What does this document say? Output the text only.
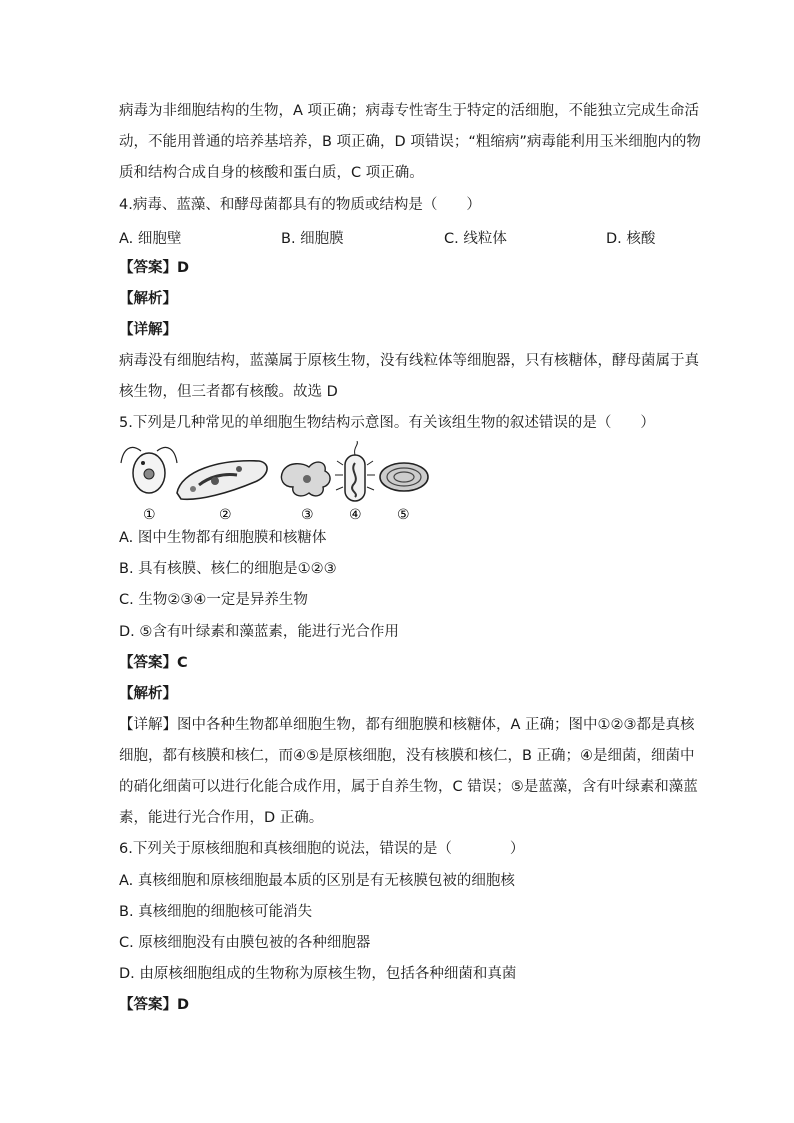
病毒为非细胞结构的生物，A 项正确；病毒专性寄生于特定的活细胞，不能独立完成生命活
动，不能用普通的培养基培养，B 项正确，D 项错误；“粗缩病”病毒能利用玉米细胞内的物
质和结构合成自身的核酸和蛋白质，C 项正确。
4.病毒、蓝藻、和酵母菌都具有的物质或结构是（　　）
A. 细胞壁	B. 细胞膜	C. 线粒体	D. 核酸
【答案】D
【解析】
【详解】
病毒没有细胞结构，蓝藻属于原核生物，没有线粒体等细胞器，只有核糖体，酵母菌属于真
核生物，但三者都有核酸。故选 D
5.下列是几种常见的单细胞生物结构示意图。有关该组生物的叙述错误的是（　　）
①	②	③	④	⑤
A. 图中生物都有细胞膜和核糖体
B. 具有核膜、核仁的细胞是①②③
C. 生物②③④一定是异养生物
D. ⑤含有叶绿素和藻蓝素，能进行光合作用
【答案】C
【解析】
【详解】图中各种生物都单细胞生物，都有细胞膜和核糖体，A 正确；图中①②③都是真核
细胞，都有核膜和核仁，而④⑤是原核细胞，没有核膜和核仁，B 正确；④是细菌，细菌中
的硝化细菌可以进行化能合成作用，属于自养生物，C 错误；⑤是蓝藻，含有叶绿素和藻蓝
素，能进行光合作用，D 正确。
6.下列关于原核细胞和真核细胞的说法，错误的是（　　　　）
A. 真核细胞和原核细胞最本质的区别是有无核膜包被的细胞核
B. 真核细胞的细胞核可能消失
C. 原核细胞没有由膜包被的各种细胞器
D. 由原核细胞组成的生物称为原核生物，包括各种细菌和真菌
【答案】D
